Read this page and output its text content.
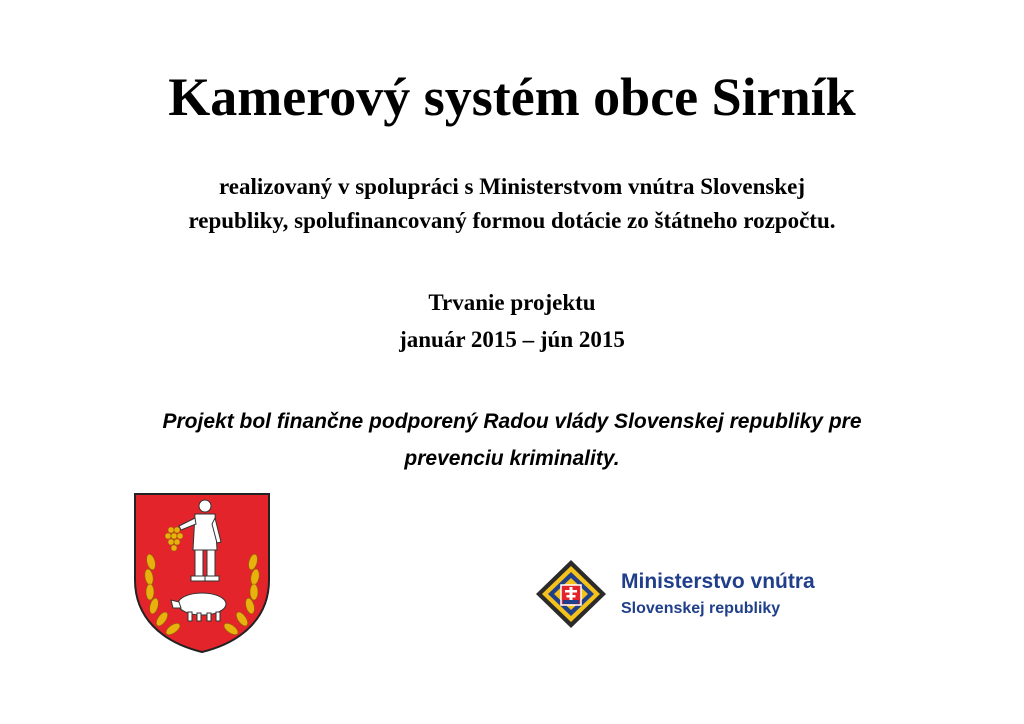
Kamerový systém obce Sirník
realizovaný v spolupráci s Ministerstvom vnútra Slovenskej
republiky, spolufinancovaný formou dotácie zo štátneho rozpočtu.
Trvanie projektu
január 2015 – jún 2015
Projekt bol finančne podporený Radou vlády Slovenskej republiky pre
prevenciu kriminality.
Ministerstvo vnútra
Slovenskej republiky
